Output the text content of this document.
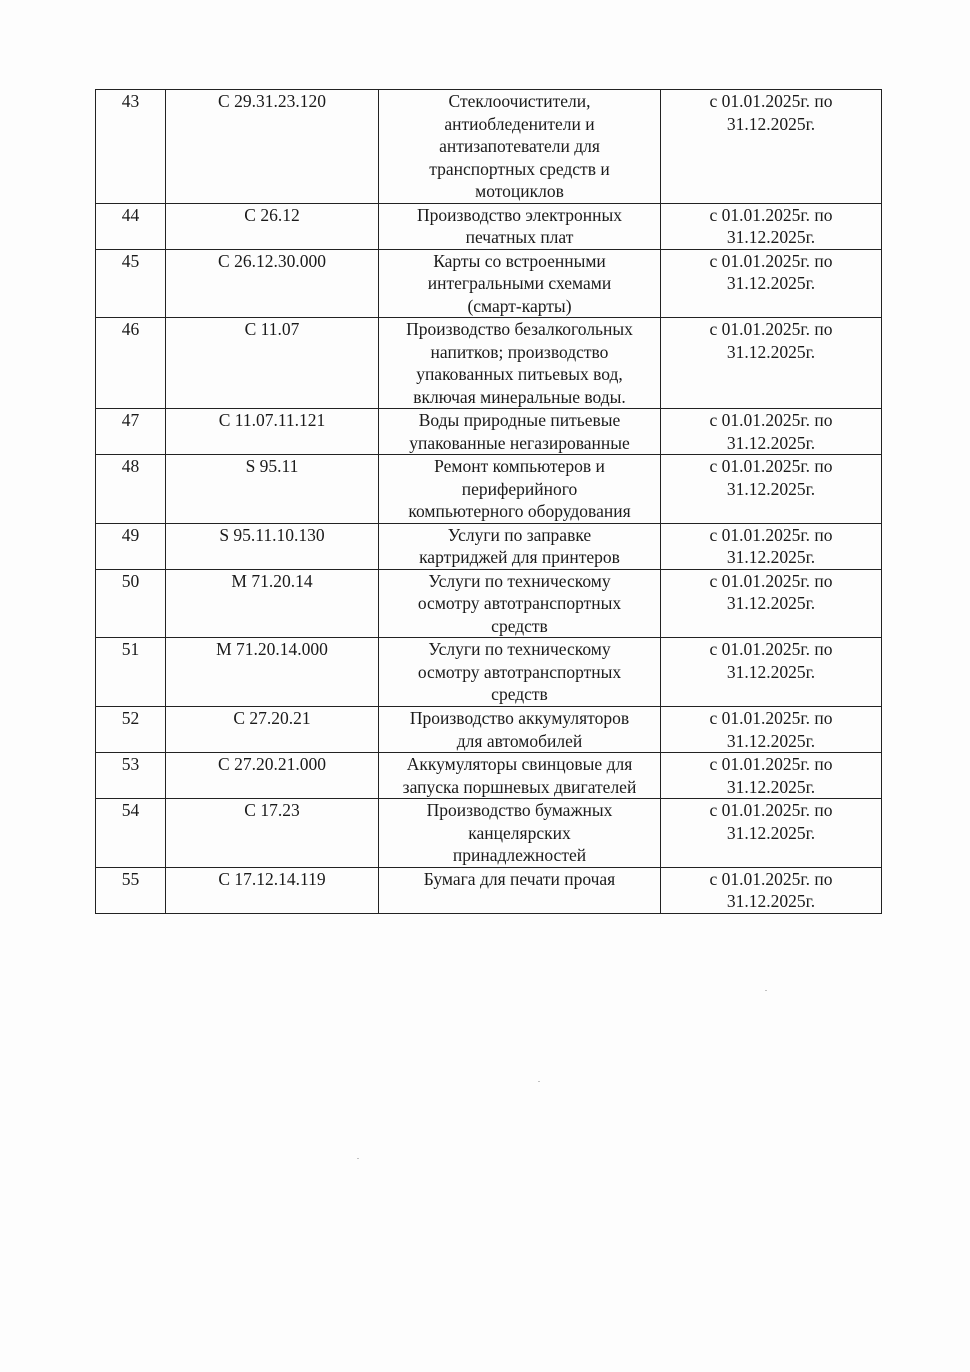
43	С 29.31.23.120	Стеклоочистители,
антиобледенители и
антизапотеватели для
транспортных средств и
мотоциклов	с 01.01.2025г. по
31.12.2025г.

44	С 26.12	Производство электронных
печатных плат	с 01.01.2025г. по
31.12.2025г.

45	С 26.12.30.000	Карты со встроенными
интегральными схемами
(смарт-карты)	с 01.01.2025г. по
31.12.2025г.

46	С 11.07	Производство безалкогольных
напитков; производство
упакованных питьевых вод,
включая минеральные воды.	с 01.01.2025г. по
31.12.2025г.

47	С 11.07.11.121	Воды природные питьевые
упакованные негазированные	с 01.01.2025г. по
31.12.2025г.

48	S 95.11	Ремонт компьютеров и
периферийного
компьютерного оборудования	с 01.01.2025г. по
31.12.2025г.

49	S 95.11.10.130	Услуги по заправке
картриджей для принтеров	с 01.01.2025г. по
31.12.2025г.

50	М 71.20.14	Услуги по техническому
осмотру автотранспортных
средств	с 01.01.2025г. по
31.12.2025г.

51	М 71.20.14.000	Услуги по техническому
осмотру автотранспортных
средств	с 01.01.2025г. по
31.12.2025г.

52	С 27.20.21	Производство аккумуляторов
для автомобилей	с 01.01.2025г. по
31.12.2025г.

53	С 27.20.21.000	Аккумуляторы свинцовые для
запуска поршневых двигателей	с 01.01.2025г. по
31.12.2025г.

54	С 17.23	Производство бумажных
канцелярских
принадлежностей	с 01.01.2025г. по
31.12.2025г.

55	С 17.12.14.119	Бумага для печати прочая	с 01.01.2025г. по
31.12.2025г.
